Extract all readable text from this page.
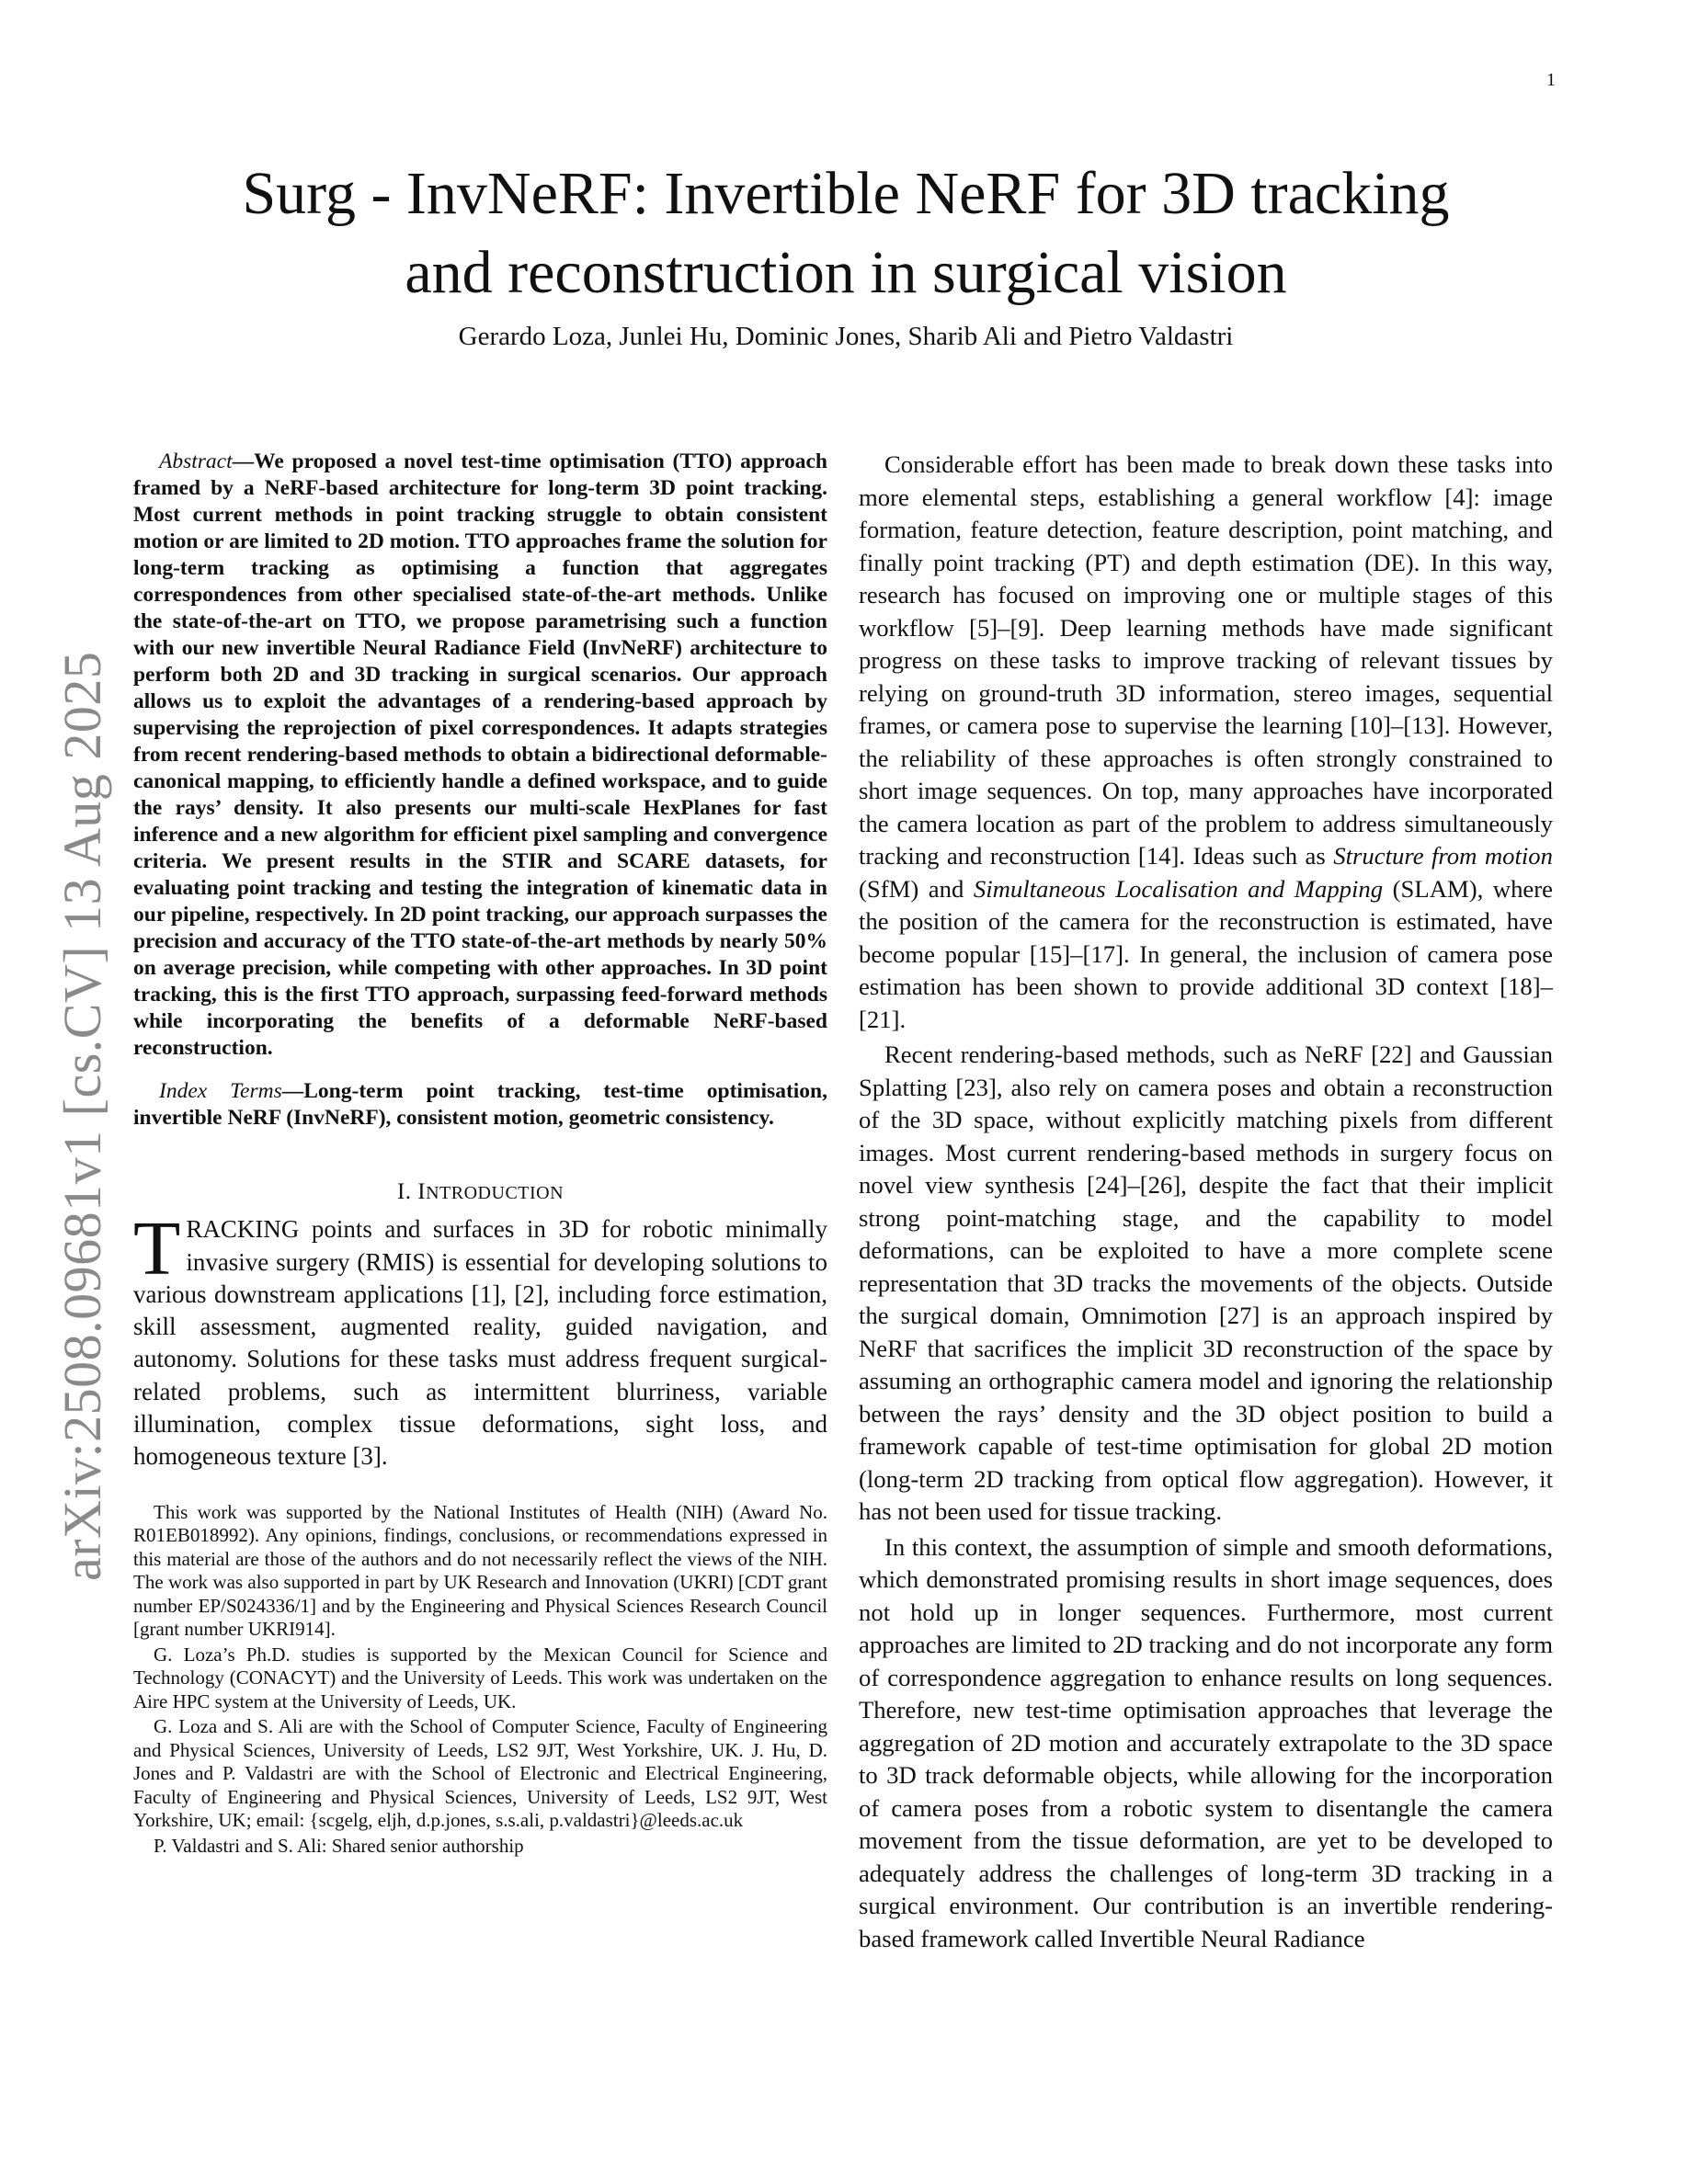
1
arXiv:2508.09681v1 [cs.CV] 13 Aug 2025
Surg - InvNeRF: Invertible NeRF for 3D tracking
and reconstruction in surgical vision
Gerardo Loza, Junlei Hu, Dominic Jones, Sharib Ali and Pietro Valdastri

Abstract—We proposed a novel test-time optimisation (TTO) approach framed by a NeRF-based architecture for long-term 3D point tracking. Most current methods in point tracking struggle to obtain consistent motion or are limited to 2D motion. TTO approaches frame the solution for long-term tracking as optimising a function that aggregates correspondences from other specialised state-of-the-art methods. Unlike the state-of-the-art on TTO, we propose parametrising such a function with our new invertible Neural Radiance Field (InvNeRF) architecture to perform both 2D and 3D tracking in surgical scenarios. Our approach allows us to exploit the advantages of a rendering-based approach by supervising the reprojection of pixel correspondences. It adapts strategies from recent rendering-based methods to obtain a bidirectional deformable-canonical mapping, to efficiently handle a defined workspace, and to guide the rays’ density. It also presents our multi-scale HexPlanes for fast inference and a new algorithm for efficient pixel sampling and convergence criteria. We present results in the STIR and SCARE datasets, for evaluating point tracking and testing the integration of kinematic data in our pipeline, respectively. In 2D point tracking, our approach surpasses the precision and accuracy of the TTO state-of-the-art methods by nearly 50% on average precision, while competing with other approaches. In 3D point tracking, this is the first TTO approach, surpassing feed-forward methods while incorporating the benefits of a deformable NeRF-based reconstruction.

Index Terms—Long-term point tracking, test-time optimisation, invertible NeRF (InvNeRF), consistent motion, geometric consistency.

I. INTRODUCTION

TRACKING points and surfaces in 3D for robotic minimally invasive surgery (RMIS) is essential for developing solutions to various downstream applications [1], [2], including force estimation, skill assessment, augmented reality, guided navigation, and autonomy. Solutions for these tasks must address frequent surgical-related problems, such as intermittent blurriness, variable illumination, complex tissue deformations, sight loss, and homogeneous texture [3].

This work was supported by the National Institutes of Health (NIH) (Award No. R01EB018992). Any opinions, findings, conclusions, or recommendations expressed in this material are those of the authors and do not necessarily reflect the views of the NIH. The work was also supported in part by UK Research and Innovation (UKRI) [CDT grant number EP/S024336/1] and by the Engineering and Physical Sciences Research Council [grant number UKRI914].

G. Loza’s Ph.D. studies is supported by the Mexican Council for Science and Technology (CONACYT) and the University of Leeds. This work was undertaken on the Aire HPC system at the University of Leeds, UK.

G. Loza and S. Ali are with the School of Computer Science, Faculty of Engineering and Physical Sciences, University of Leeds, LS2 9JT, West Yorkshire, UK. J. Hu, D. Jones and P. Valdastri are with the School of Electronic and Electrical Engineering, Faculty of Engineering and Physical Sciences, University of Leeds, LS2 9JT, West Yorkshire, UK; email: {scgelg, eljh, d.p.jones, s.s.ali, p.valdastri}@leeds.ac.uk

P. Valdastri and S. Ali: Shared senior authorship

Considerable effort has been made to break down these tasks into more elemental steps, establishing a general workflow [4]: image formation, feature detection, feature description, point matching, and finally point tracking (PT) and depth estimation (DE). In this way, research has focused on improving one or multiple stages of this workflow [5]–[9]. Deep learning methods have made significant progress on these tasks to improve tracking of relevant tissues by relying on ground-truth 3D information, stereo images, sequential frames, or camera pose to supervise the learning [10]–[13]. However, the reliability of these approaches is often strongly constrained to short image sequences. On top, many approaches have incorporated the camera location as part of the problem to address simultaneously tracking and reconstruction [14]. Ideas such as Structure from motion (SfM) and Simultaneous Localisation and Mapping (SLAM), where the position of the camera for the reconstruction is estimated, have become popular [15]–[17]. In general, the inclusion of camera pose estimation has been shown to provide additional 3D context [18]–[21].

Recent rendering-based methods, such as NeRF [22] and Gaussian Splatting [23], also rely on camera poses and obtain a reconstruction of the 3D space, without explicitly matching pixels from different images. Most current rendering-based methods in surgery focus on novel view synthesis [24]–[26], despite the fact that their implicit strong point-matching stage, and the capability to model deformations, can be exploited to have a more complete scene representation that 3D tracks the movements of the objects. Outside the surgical domain, Omnimotion [27] is an approach inspired by NeRF that sacrifices the implicit 3D reconstruction of the space by assuming an orthographic camera model and ignoring the relationship between the rays’ density and the 3D object position to build a framework capable of test-time optimisation for global 2D motion (long-term 2D tracking from optical flow aggregation). However, it has not been used for tissue tracking.

In this context, the assumption of simple and smooth deformations, which demonstrated promising results in short image sequences, does not hold up in longer sequences. Furthermore, most current approaches are limited to 2D tracking and do not incorporate any form of correspondence aggregation to enhance results on long sequences. Therefore, new test-time optimisation approaches that leverage the aggregation of 2D motion and accurately extrapolate to the 3D space to 3D track deformable objects, while allowing for the incorporation of camera poses from a robotic system to disentangle the camera movement from the tissue deformation, are yet to be developed to adequately address the challenges of long-term 3D tracking in a surgical environment. Our contribution is an invertible rendering-based framework called Invertible Neural Radiance
